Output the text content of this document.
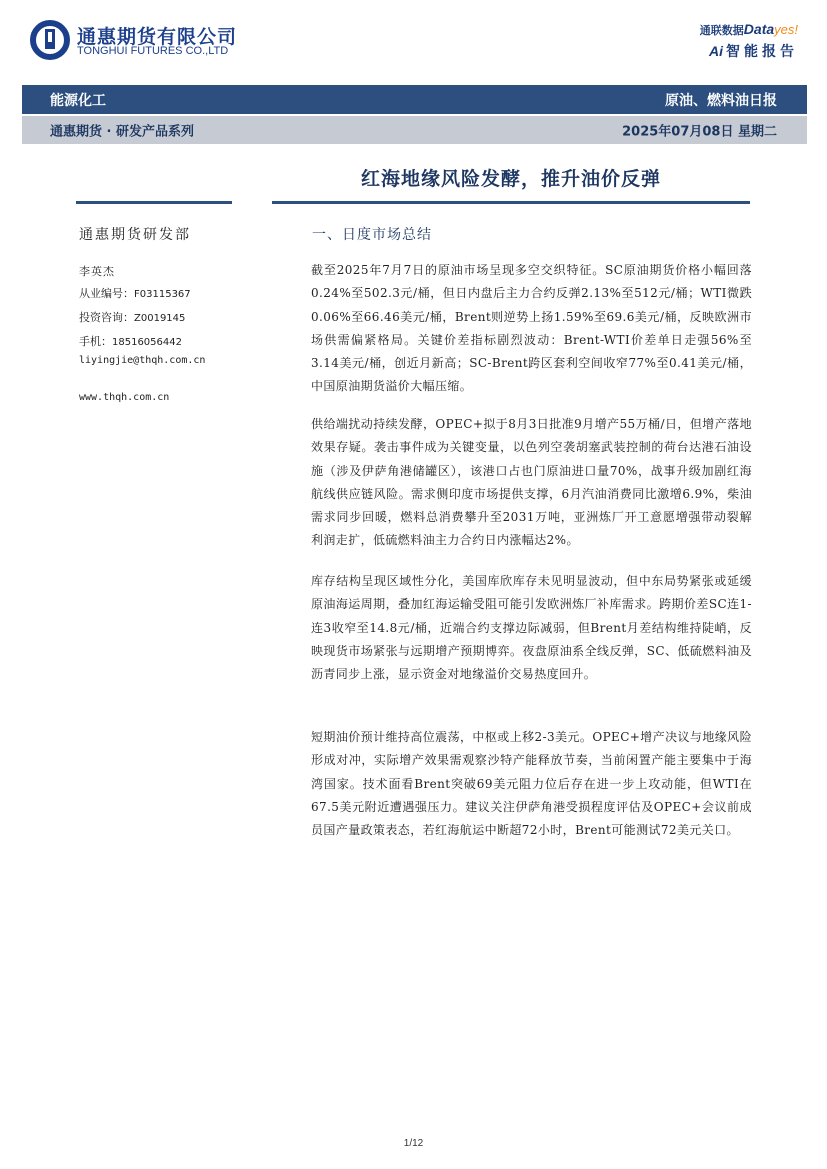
通惠期货有限公司
TONGHUI FUTURES CO.,LTD
通联数据Datayes!
Ai 智能报告
能源化工	原油、燃料油日报
通惠期货 · 研发产品系列	2025年07月08日 星期二
红海地缘风险发酵，推升油价反弹
通惠期货研发部
李英杰
从业编号：F03115367
投资咨询：Z0019145
手机：18516056442
liyingjie@thqh.com.cn
www.thqh.com.cn
一、日度市场总结
截至2025年7月7日的原油市场呈现多空交织特征。SC原油期货价格小幅回落0.24%至502.3元/桶，但日内盘后主力合约反弹2.13%至512元/桶；WTI微跌0.06%至66.46美元/桶，Brent则逆势上扬1.59%至69.6美元/桶，反映欧洲市场供需偏紧格局。关键价差指标剧烈波动：Brent-WTI价差单日走强56%至3.14美元/桶，创近月新高；SC-Brent跨区套利空间收窄77%至0.41美元/桶，中国原油期货溢价大幅压缩。
供给端扰动持续发酵，OPEC+拟于8月3日批准9月增产55万桶/日，但增产落地效果存疑。袭击事件成为关键变量，以色列空袭胡塞武装控制的荷台达港石油设施（涉及伊萨角港储罐区），该港口占也门原油进口量70%，战事升级加剧红海航线供应链风险。需求侧印度市场提供支撑，6月汽油消费同比激增6.9%，柴油需求同步回暖，燃料总消费攀升至2031万吨，亚洲炼厂开工意愿增强带动裂解利润走扩，低硫燃料油主力合约日内涨幅达2%。
库存结构呈现区域性分化，美国库欣库存未见明显波动，但中东局势紧张或延缓原油海运周期，叠加红海运输受阻可能引发欧洲炼厂补库需求。跨期价差SC连1-连3收窄至14.8元/桶，近端合约支撑边际减弱，但Brent月差结构维持陡峭，反映现货市场紧张与远期增产预期博弈。夜盘原油系全线反弹，SC、低硫燃料油及沥青同步上涨，显示资金对地缘溢价交易热度回升。
短期油价预计维持高位震荡，中枢或上移2-3美元。OPEC+增产决议与地缘风险形成对冲，实际增产效果需观察沙特产能释放节奏，当前闲置产能主要集中于海湾国家。技术面看Brent突破69美元阻力位后存在进一步上攻动能，但WTI在67.5美元附近遭遇强压力。建议关注伊萨角港受损程度评估及OPEC+会议前成员国产量政策表态，若红海航运中断超72小时，Brent可能测试72美元关口。
1/12
